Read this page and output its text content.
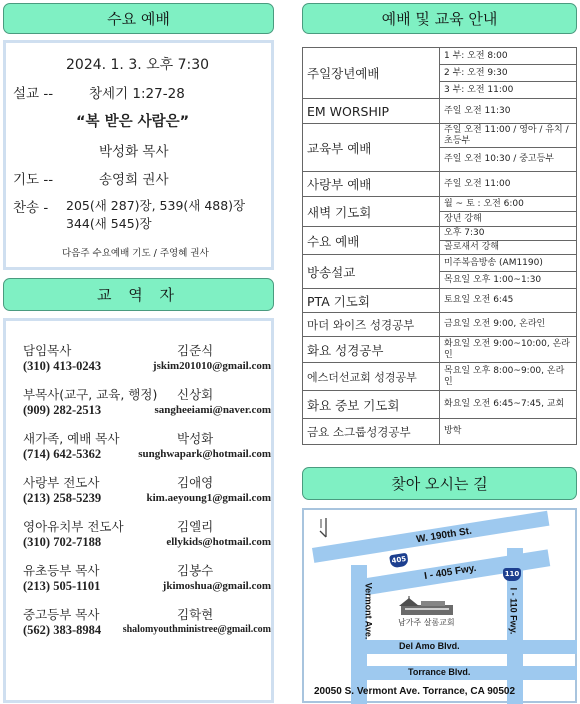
수요 예배
2024. 1. 3. 오후 7:30
설교 --	창세기 1:27-28
“복 받은 사람은”
박성화 목사
기도 --	송영희 권사
찬송 - 205(새 287)장, 539(새 488)장
344(새 545)장
다음주 수요예배 기도 / 주영혜 권사
교 역 자
담임목사	김준식
(310) 413-0243	jskim201010@gmail.com
부목사(교구, 교육, 행정) 신상회
(909) 282-2513	sangheeiami@naver.com
새가족, 예배 목사	박성화
(714) 642-5362	sunghwapark@hotmail.com
사랑부 전도사	김애영
(213) 258-5239	kim.aeyoung1@gmail.com
영아유치부 전도사	김엘리
(310) 702-7188	ellykids@hotmail.com
유초등부 목사	김봉수
(213) 505-1101	jkimoshua@gmail.com
중고등부 목사	김학현
(562) 383-8984 shalomyouthministree@gmail.com
예배 및 교육 안내
주일장년예배	1 부: 오전 8:00
	2 부: 오전 9:30
	3 부: 오전 11:00
EM WORSHIP	주일 오전 11:30
교육부 예배	주일 오전 11:00 / 영아 / 유치 / 초등부
	주일 오전 10:30 / 중고등부
사랑부 예배	주일 오전 11:00
새벽 기도회	월 ~ 토 : 오전 6:00
	장년 강해
수요 예배	오후 7:30
	골로새서 강해
방송설교	미주복음방송 (AM1190)
	목요일 오후 1:00~1:30
PTA 기도회	토요일 오전 6:45
마더 와이즈 성경공부	금요일 오전 9:00, 온라인
화요 성경공부	화요일 오전 9:00~10:00, 온라인
에스더선교회 성경공부	목요일 오후 8:00~9:00, 온라인
화요 중보 기도회	화요일 오전 6:45~7:45, 교회
금요 소그룹성경공부	방학
찾아 오시는 길
W. 190th St.
I - 405 Fwy.
Vermont Ave.	I - 110 Fwy.
Del Amo Blvd.
Torrance Blvd.
405
110
남가주 살롬교회
20050 S. Vermont Ave. Torrance, CA 90502
